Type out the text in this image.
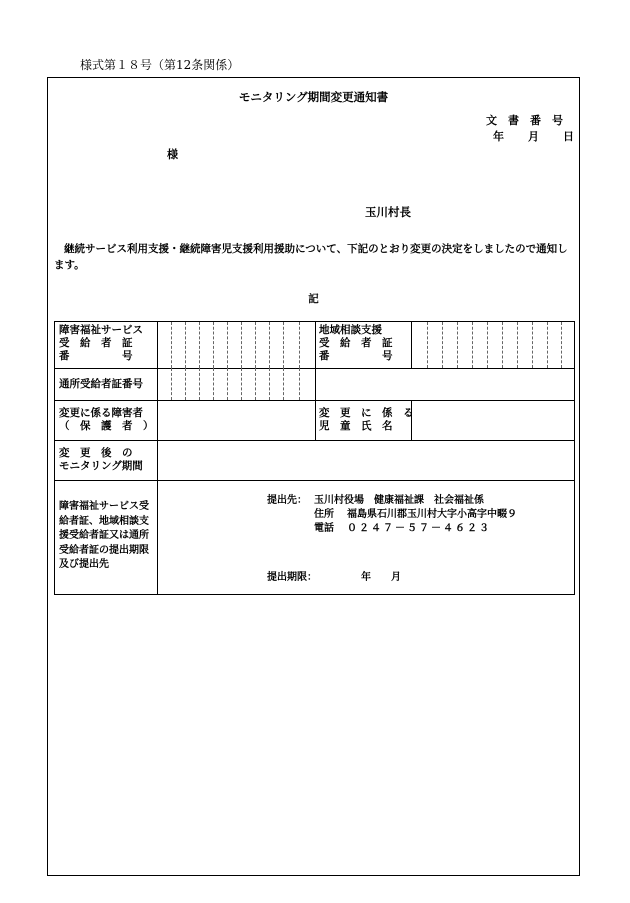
様式第１８号（第12条関係）
モニタリング期間変更通知書
文書番号
年 月 日
様
玉川村長
継続サービス利用支援・継続障害児支援利用援助について、下記のとおり変更の決定をしましたので通知します。
記
障害福祉サービス
受　給　者　証
番　　　　　号
地域相談支援
受　給　者　証
番　　　　　号
通所受給者証番号
変更に係る障害者
（　保　護　者　）
変　更　に　係　る
児　童　氏　名
変　更　後　の
モニタリング期間
障害福祉サービス受給者証、地域相談支援受給者証又は通所受給者証の提出期限及び提出先
提出先： 玉川村役場　健康福祉課　社会福祉係
住所 福島県石川郡玉川村大字小高字中畷９
電話 ０２４７－５７－４６２３
提出期限：	年 月
